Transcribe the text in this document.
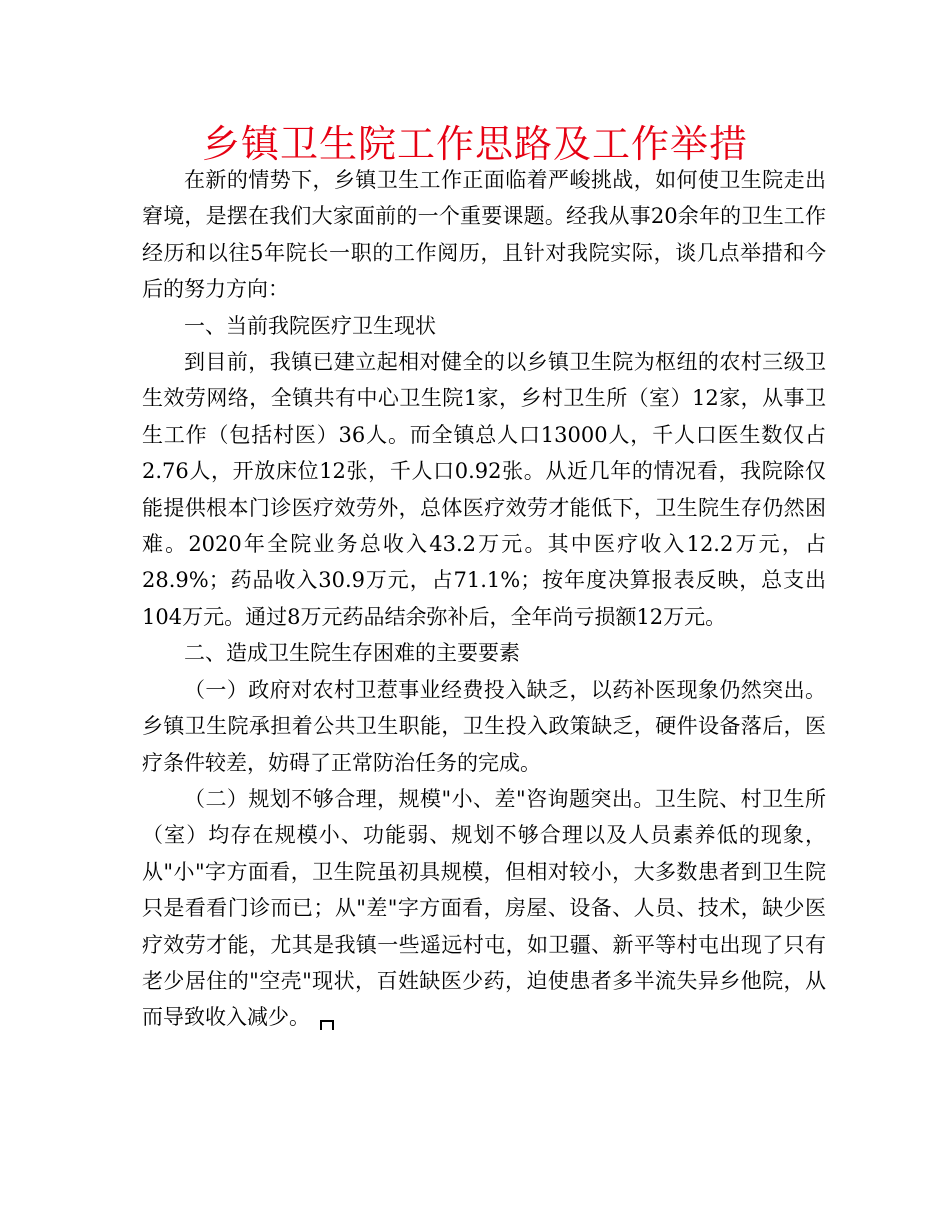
乡镇卫生院工作思路及工作举措

在新的情势下，乡镇卫生工作正面临着严峻挑战，如何使卫生院走出窘境，是摆在我们大家面前的一个重要课题。经我从事20余年的卫生工作经历和以往5年院长一职的工作阅历，且针对我院实际，谈几点举措和今后的努力方向：

一、当前我院医疗卫生现状

到目前，我镇已建立起相对健全的以乡镇卫生院为枢纽的农村三级卫生效劳网络，全镇共有中心卫生院1家，乡村卫生所（室）12家，从事卫生工作（包括村医）36人。而全镇总人口13000人，千人口医生数仅占2.76人，开放床位12张，千人口0.92张。从近几年的情况看，我院除仅能提供根本门诊医疗效劳外，总体医疗效劳才能低下，卫生院生存仍然困难。2020年全院业务总收入43.2万元。其中医疗收入12.2万元，占28.9%；药品收入30.9万元，占71.1%；按年度决算报表反映，总支出104万元。通过8万元药品结余弥补后，全年尚亏损额12万元。

二、造成卫生院生存困难的主要要素

（一）政府对农村卫惹事业经费投入缺乏，以药补医现象仍然突出。乡镇卫生院承担着公共卫生职能，卫生投入政策缺乏，硬件设备落后，医疗条件较差，妨碍了正常防治任务的完成。

（二）规划不够合理，规模"小、差"咨询题突出。卫生院、村卫生所（室）均存在规模小、功能弱、规划不够合理以及人员素养低的现象，从"小"字方面看，卫生院虽初具规模，但相对较小，大多数患者到卫生院只是看看门诊而已；从"差"字方面看，房屋、设备、人员、技术，缺少医疗效劳才能，尤其是我镇一些遥远村屯，如卫疆、新平等村屯出现了只有老少居住的"空壳"现状，百姓缺医少药，迫使患者多半流失异乡他院，从而导致收入减少。
